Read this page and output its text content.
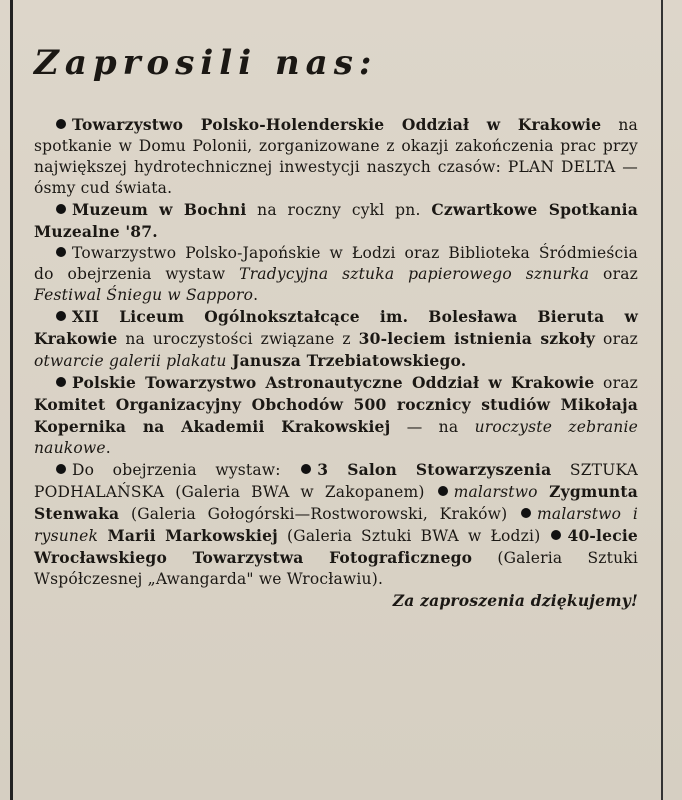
Zaprosili nas:

Towarzystwo Polsko-Holenderskie Oddział w Krakowie na spotkanie w Domu Polonii, zorganizowane z okazji zakończenia prac przy największej hydrotechnicznej inwestycji naszych czasów: PLAN DELTA — ósmy cud świata.

Muzeum w Bochni na roczny cykl pn. Czwartkowe Spotkania Muzealne '87.

Towarzystwo Polsko-Japońskie w Łodzi oraz Biblioteka Śródmieścia do obejrzenia wystaw Tradycyjna sztuka papierowego sznurka oraz Festiwal Śniegu w Sapporo.

XII Liceum Ogólnokształcące im. Bolesława Bieruta w Krakowie na uroczystości związane z 30-leciem istnienia szkoły oraz otwarcie galerii plakatu Janusza Trzebiatowskiego.

Polskie Towarzystwo Astronautyczne Oddział w Krakowie oraz Komitet Organizacyjny Obchodów 500 rocznicy studiów Mikołaja Kopernika na Akademii Krakowskiej — na uroczyste zebranie naukowe.

Do obejrzenia wystaw: 3 Salon Stowarzyszenia SZTUKA PODHALAŃSKA (Galeria BWA w Zakopanem) malarstwo Zygmunta Stenwaka (Galeria Gołogórski—Rostworowski, Kraków) malarstwo i rysunek Marii Markowskiej (Galeria Sztuki BWA w Łodzi) 40-lecie Wrocławskiego Towarzystwa Fotograficznego (Galeria Sztuki Współczesnej „Awangarda" we Wrocławiu).

Za zaproszenia dziękujemy!
